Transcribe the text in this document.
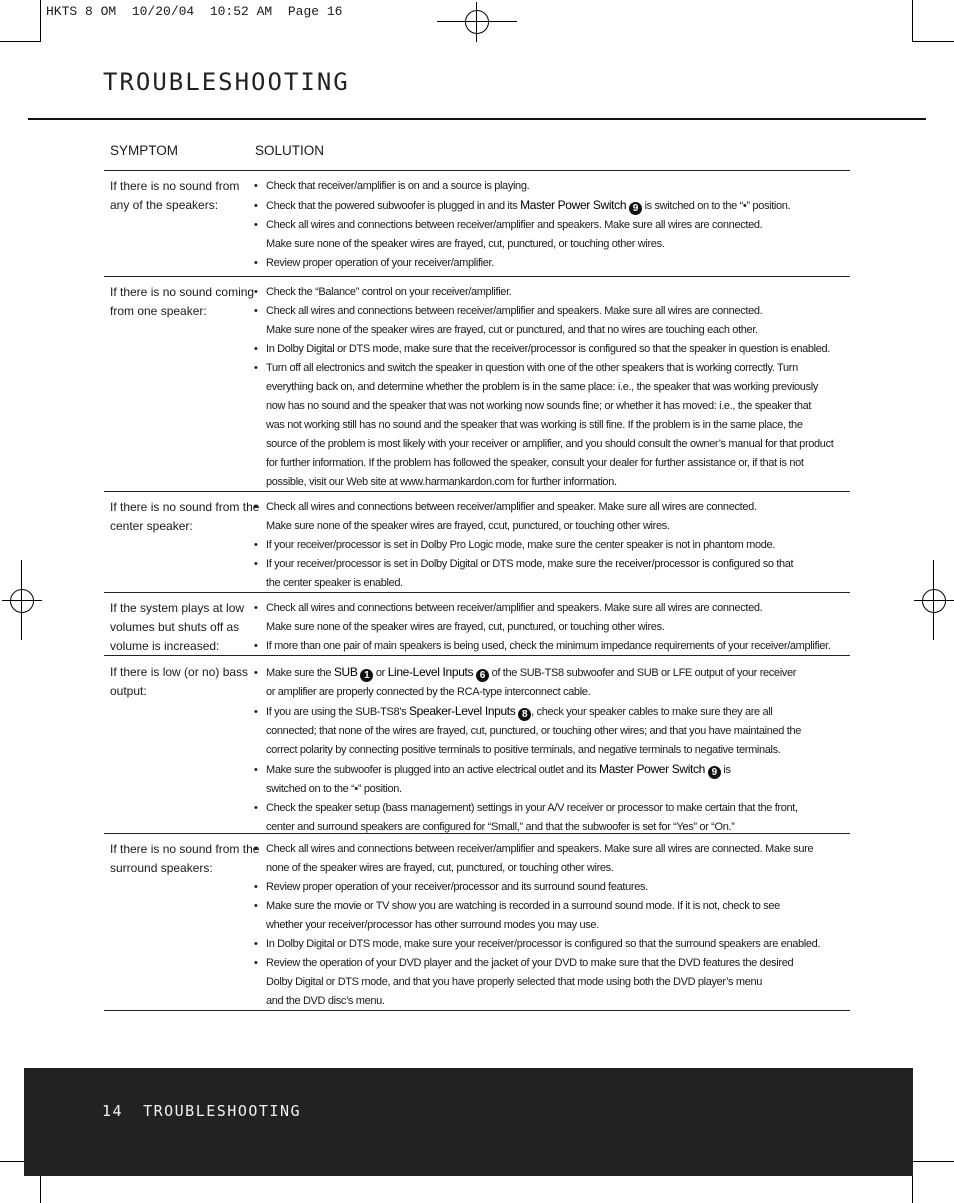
HKTS 8 OM  10/20/04  10:52 AM  Page 16
TROUBLESHOOTING
SYMPTOM	SOLUTION
If there is no sound from any of the speakers:
• Check that receiver/amplifier is on and a source is playing.
• Check that the powered subwoofer is plugged in and its Master Power Switch 9 is switched on to the “•” position.
• Check all wires and connections between receiver/amplifier and speakers. Make sure all wires are connected.
Make sure none of the speaker wires are frayed, cut, punctured, or touching other wires.
• Review proper operation of your receiver/amplifier.
If there is no sound coming from one speaker:
• Check the “Balance” control on your receiver/amplifier.
• Check all wires and connections between receiver/amplifier and speakers. Make sure all wires are connected.
Make sure none of the speaker wires are frayed, cut or punctured, and that no wires are touching each other.
• In Dolby Digital or DTS mode, make sure that the receiver/processor is configured so that the speaker in question is enabled.
• Turn off all electronics and switch the speaker in question with one of the other speakers that is working correctly. Turn
everything back on, and determine whether the problem is in the same place: i.e., the speaker that was working previously
now has no sound and the speaker that was not working now sounds fine; or whether it has moved: i.e., the speaker that
was not working still has no sound and the speaker that was working is still fine. If the problem is in the same place, the
source of the problem is most likely with your receiver or amplifier, and you should consult the owner’s manual for that product
for further information. If the problem has followed the speaker, consult your dealer for further assistance or, if that is not
possible, visit our Web site at www.harmankardon.com for further information.
If there is no sound from the center speaker:
• Check all wires and connections between receiver/amplifier and speaker. Make sure all wires are connected.
Make sure none of the speaker wires are frayed, ccut, punctured, or touching other wires.
• If your receiver/processor is set in Dolby Pro Logic mode, make sure the center speaker is not in phantom mode.
• If your receiver/processor is set in Dolby Digital or DTS mode, make sure the receiver/processor is configured so that
the center speaker is enabled.
If the system plays at low volumes but shuts off as volume is increased:
• Check all wires and connections between receiver/amplifier and speakers. Make sure all wires are connected.
Make sure none of the speaker wires are frayed, cut, punctured, or touching other wires.
• If more than one pair of main speakers is being used, check the minimum impedance requirements of your receiver/amplifier.
If there is low (or no) bass output:
• Make sure the SUB 1 or Line-Level Inputs 6 of the SUB-TS8 subwoofer and SUB or LFE output of your receiver
or amplifier are properly connected by the RCA-type interconnect cable.
• If you are using the SUB-TS8’s Speaker-Level Inputs 8 , check your speaker cables to make sure they are all
connected; that none of the wires are frayed, cut, punctured, or touching other wires; and that you have maintained the
correct polarity by connecting positive terminals to positive terminals, and negative terminals to negative terminals.
• Make sure the subwoofer is plugged into an active electrical outlet and its Master Power Switch 9 is
switched on to the “•” position.
• Check the speaker setup (bass management) settings in your A/V receiver or processor to make certain that the front,
center and surround speakers are configured for “Small,” and that the subwoofer is set for “Yes” or “On.”
If there is no sound from the surround speakers:
• Check all wires and connections between receiver/amplifier and speakers. Make sure all wires are connected. Make sure
none of the speaker wires are frayed, cut, punctured, or touching other wires.
• Review proper operation of your receiver/processor and its surround sound features.
• Make sure the movie or TV show you are watching is recorded in a surround sound mode. If it is not, check to see
whether your receiver/processor has other surround modes you may use.
• In Dolby Digital or DTS mode, make sure your receiver/processor is configured so that the surround speakers are enabled.
• Review the operation of your DVD player and the jacket of your DVD to make sure that the DVD features the desired
Dolby Digital or DTS mode, and that you have properly selected that mode using both the DVD player’s menu
and the DVD disc’s menu.
14 TROUBLESHOOTING
